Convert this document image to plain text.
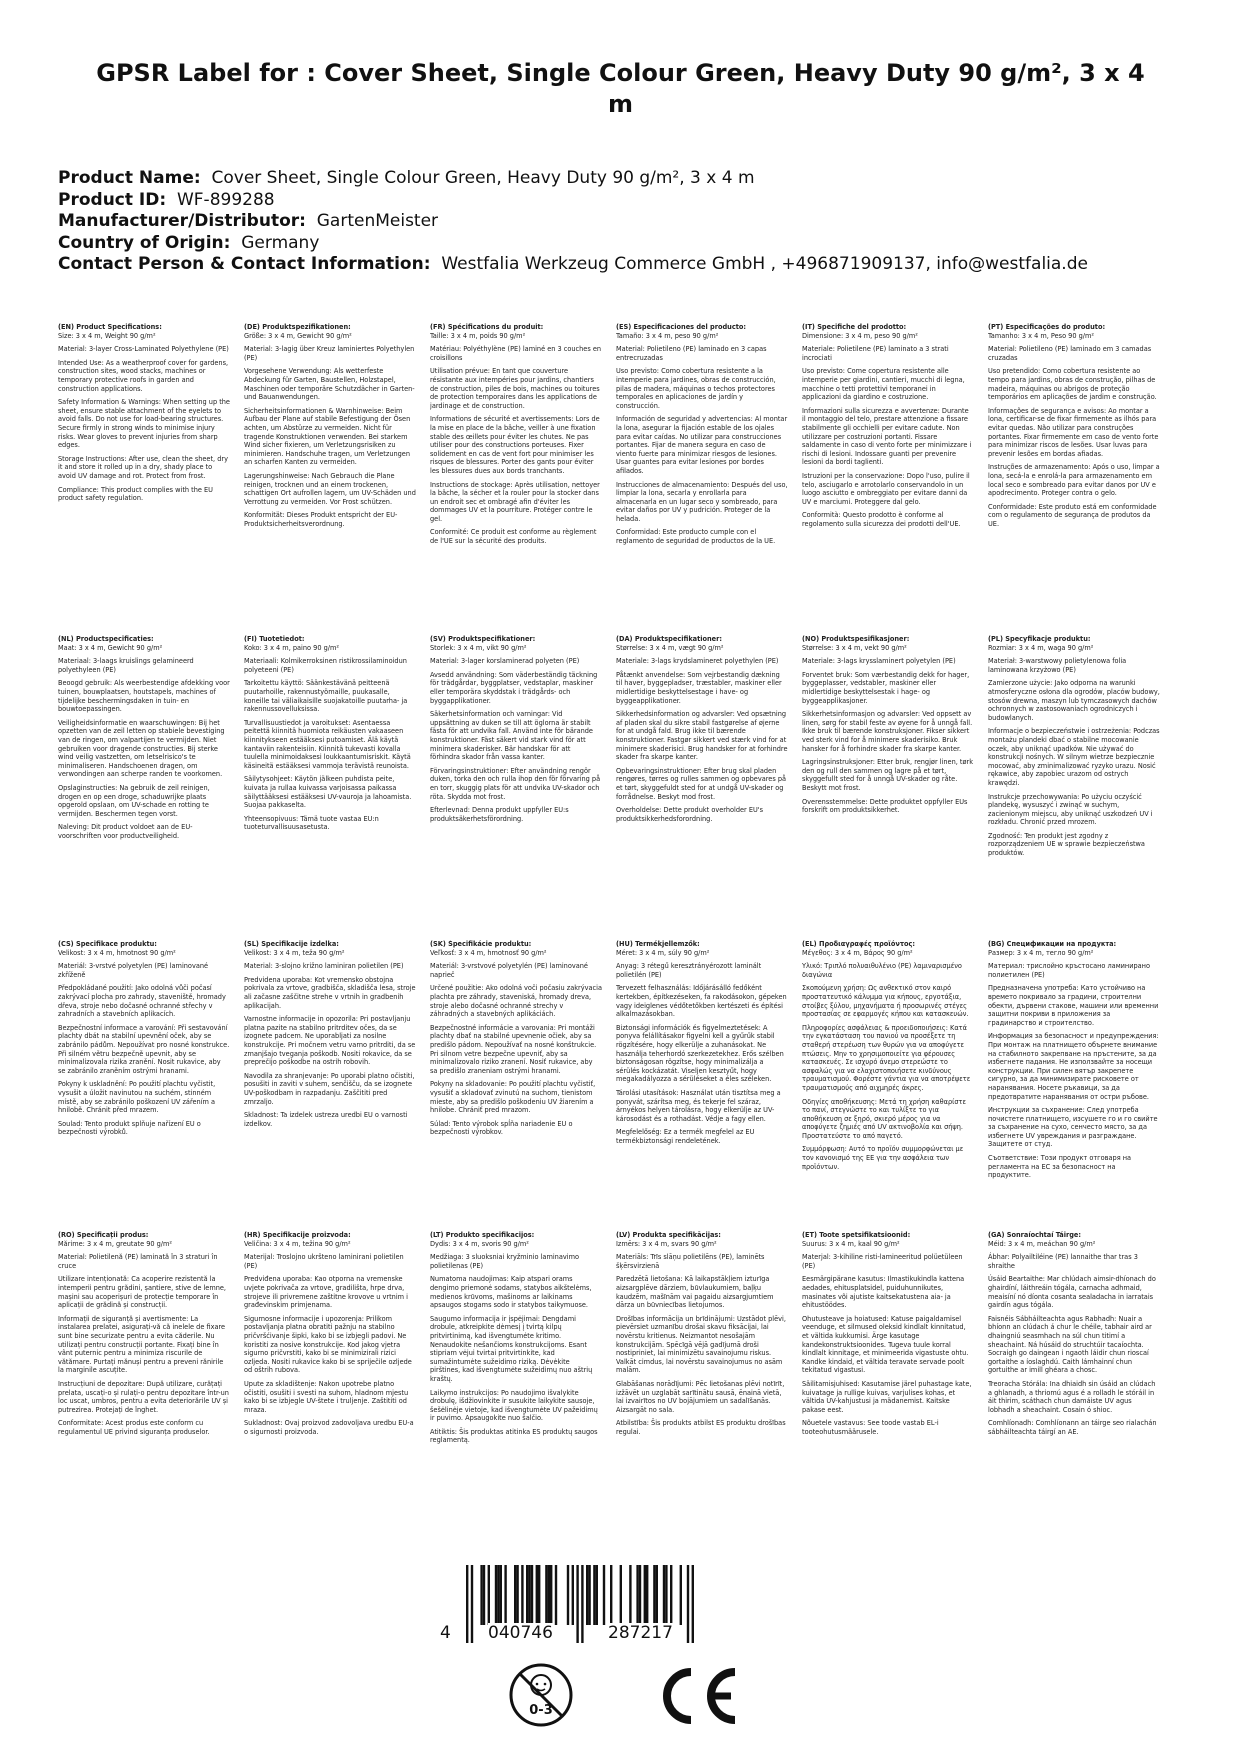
GPSR Label for : Cover Sheet, Single Colour Green, Heavy Duty 90 g/m², 3 x 4 m
Product Name: Cover Sheet, Single Colour Green, Heavy Duty 90 g/m², 3 x 4 m
Product ID: WF-899288
Manufacturer/Distributor: GartenMeister
Country of Origin: Germany
Contact Person & Contact Information: Westfalia Werkzeug Commerce GmbH , +496871909137, info@westfalia.de
(EN) Product Specifications:

Size: 3 x 4 m, Weight 90 g/m²

Material: 3-layer Cross-Laminated Polyethylene (PE)

Intended Use: As a weatherproof cover for gardens, construction sites, wood stacks, machines or temporary protective roofs in garden and construction applications.

Safety Information & Warnings: When setting up the sheet, ensure stable attachment of the eyelets to avoid falls. Do not use for load-bearing structures. Secure firmly in strong winds to minimise injury risks. Wear gloves to prevent injuries from sharp edges.

Storage Instructions: After use, clean the sheet, dry it and store it rolled up in a dry, shady place to avoid UV damage and rot. Protect from frost.

Compliance: This product complies with the EU product safety regulation.

(DE) Produktspezifikationen:

Größe: 3 x 4 m, Gewicht 90 g/m²

Material: 3-lagig über Kreuz laminiertes Polyethylen (PE)

Vorgesehene Verwendung: Als wetterfeste Abdeckung für Garten, Baustellen, Holzstapel, Maschinen oder temporäre Schutzdächer in Garten- und Bauanwendungen.

Sicherheitsinformationen & Warnhinweise: Beim Aufbau der Plane auf stabile Befestigung der Ösen achten, um Abstürze zu vermeiden. Nicht für tragende Konstruktionen verwenden. Bei starkem Wind sicher fixieren, um Verletzungsrisiken zu minimieren. Handschuhe tragen, um Verletzungen an scharfen Kanten zu vermeiden.

Lagerungshinweise: Nach Gebrauch die Plane reinigen, trocknen und an einem trockenen, schattigen Ort aufrollen lagern, um UV-Schäden und Verrottung zu vermeiden. Vor Frost schützen.

Konformität: Dieses Produkt entspricht der EU-Produktsicherheitsverordnung.

(FR) Spécifications du produit:

Taille: 3 x 4 m, poids 90 g/m²

Matériau: Polyéthylène (PE) laminé en 3 couches en croisillons

Utilisation prévue: En tant que couverture résistante aux intempéries pour jardins, chantiers de construction, piles de bois, machines ou toitures de protection temporaires dans les applications de jardinage et de construction.

Informations de sécurité et avertissements: Lors de la mise en place de la bâche, veiller à une fixation stable des œillets pour éviter les chutes. Ne pas utiliser pour des constructions porteuses. Fixer solidement en cas de vent fort pour minimiser les risques de blessures. Porter des gants pour éviter les blessures dues aux bords tranchants.

Instructions de stockage: Après utilisation, nettoyer la bâche, la sécher et la rouler pour la stocker dans un endroit sec et ombragé afin d'éviter les dommages UV et la pourriture. Protéger contre le gel.

Conformité: Ce produit est conforme au règlement de l'UE sur la sécurité des produits.

(ES) Especificaciones del producto:

Tamaño: 3 x 4 m, peso 90 g/m²

Material: Polietileno (PE) laminado en 3 capas entrecruzadas

Uso previsto: Como cobertura resistente a la intemperie para jardines, obras de construcción, pilas de madera, máquinas o techos protectores temporales en aplicaciones de jardín y construcción.

Información de seguridad y advertencias: Al montar la lona, asegurar la fijación estable de los ojales para evitar caídas. No utilizar para construcciones portantes. Fijar de manera segura en caso de viento fuerte para minimizar riesgos de lesiones. Usar guantes para evitar lesiones por bordes afilados.

Instrucciones de almacenamiento: Después del uso, limpiar la lona, secarla y enrollarla para almacenarla en un lugar seco y sombreado, para evitar daños por UV y pudrición. Proteger de la helada.

Conformidad: Este producto cumple con el reglamento de seguridad de productos de la UE.

(IT) Specifiche del prodotto:

Dimensione: 3 x 4 m, peso 90 g/m²

Materiale: Polietilene (PE) laminato a 3 strati incrociati

Uso previsto: Come copertura resistente alle intemperie per giardini, cantieri, mucchi di legna, macchine o tetti protettivi temporanei in applicazioni da giardino e costruzione.

Informazioni sulla sicurezza e avvertenze: Durante il montaggio del telo, prestare attenzione a fissare stabilmente gli occhielli per evitare cadute. Non utilizzare per costruzioni portanti. Fissare saldamente in caso di vento forte per minimizzare i rischi di lesioni. Indossare guanti per prevenire lesioni da bordi taglienti.

Istruzioni per la conservazione: Dopo l'uso, pulire il telo, asciugarlo e arrotolarlo conservandolo in un luogo asciutto e ombreggiato per evitare danni da UV e marciumi. Proteggere dal gelo.

Conformità: Questo prodotto è conforme al regolamento sulla sicurezza dei prodotti dell'UE.

(PT) Especificações do produto:

Tamanho: 3 x 4 m, Peso 90 g/m²

Material: Polietileno (PE) laminado em 3 camadas cruzadas

Uso pretendido: Como cobertura resistente ao tempo para jardins, obras de construção, pilhas de madeira, máquinas ou abrigos de proteção temporários em aplicações de jardim e construção.

Informações de segurança e avisos: Ao montar a lona, certificar-se de fixar firmemente as ilhós para evitar quedas. Não utilizar para construções portantes. Fixar firmemente em caso de vento forte para minimizar riscos de lesões. Usar luvas para prevenir lesões em bordas afiadas.

Instruções de armazenamento: Após o uso, limpar a lona, secá-la e enrolá-la para armazenamento em local seco e sombreado para evitar danos por UV e apodrecimento. Proteger contra o gelo.

Conformidade: Este produto está em conformidade com o regulamento de segurança de produtos da UE.

(NL) Productspecificaties:

Maat: 3 x 4 m, Gewicht 90 g/m²

Materiaal: 3-laags kruislings gelamineerd polyethyleen (PE)

Beoogd gebruik: Als weerbestendige afdekking voor tuinen, bouwplaatsen, houtstapels, machines of tijdelijke beschermingsdaken in tuin- en bouwtoepassingen.

Veiligheidsinformatie en waarschuwingen: Bij het opzetten van de zeil letten op stabiele bevestiging van de ringen, om valpartijen te vermijden. Niet gebruiken voor dragende constructies. Bij sterke wind veilig vastzetten, om letselrisico's te minimaliseren. Handschoenen dragen, om verwondingen aan scherpe randen te voorkomen.

Opslaginstructies: Na gebruik de zeil reinigen, drogen en op een droge, schaduwrijke plaats opgerold opslaan, om UV-schade en rotting te vermijden. Beschermen tegen vorst.

Naleving: Dit product voldoet aan de EU-voorschriften voor productveiligheid.

(FI) Tuotetiedot:

Koko: 3 x 4 m, paino 90 g/m²

Materiaali: Kolmikerroksinen ristikrossilaminoidun polyeteeni (PE)

Tarkoitettu käyttö: Säänkestävänä peitteenä puutarhoille, rakennustyömaille, puukasalle, koneille tai väliaikaisille suojakatoille puutarha- ja rakennussovelluksissa.

Turvallisuustiedot ja varoitukset: Asentaessa peitettä kiinnitä huomiota reikäusten vakaaseen kiinnitykseen estääksesi putoamiset. Älä käytä kantaviin rakenteisiin. Kiinnitä tukevasti kovalla tuulella minimoidaksesi loukkaantumisriskit. Käytä käsineitä estääksesi vammoja terävistä reunoista.

Säilytysohjeet: Käytön jälkeen puhdista peite, kuivata ja rullaa kuivassa varjoisassa paikassa säilyttääksesi estääksesi UV-vauroja ja lahoamista. Suojaa pakkaselta.

Yhteensopivuus: Tämä tuote vastaa EU:n tuoteturvallisuusasetusta.

(SV) Produktspecifikationer:

Storlek: 3 x 4 m, vikt 90 g/m²

Material: 3-lager korslaminerad polyeten (PE)

Avsedd användning: Som väderbeständig täckning för trädgårdar, byggplatser, vedstaplar, maskiner eller temporära skyddstak i trädgårds- och byggapplikationer.

Säkerhetsinformation och varningar: Vid uppsättning av duken se till att öglorna är stabilt fästa för att undvika fall. Använd inte för bärande konstruktioner. Fäst säkert vid stark vind för att minimera skaderisker. Bär handskar för att förhindra skador från vassa kanter.

Förvaringsinstruktioner: Efter användning rengör duken, torka den och rulla ihop den för förvaring på en torr, skuggig plats för att undvika UV-skador och röta. Skydda mot frost.

Efterlevnad: Denna produkt uppfyller EU:s produktsäkerhetsförordning.

(DA) Produktspecifikationer:

Størrelse: 3 x 4 m, vægt 90 g/m²

Materiale: 3-lags krydslamineret polyethylen (PE)

Påtænkt anvendelse: Som vejrbestandig dækning til haver, byggepladser, træstabler, maskiner eller midlertidige beskyttelsestage i have- og byggeapplikationer.

Sikkerhedsinformation og advarsler: Ved opsætning af pladen skal du sikre stabil fastgørelse af øjerne for at undgå fald. Brug ikke til bærende konstruktioner. Fastgør sikkert ved stærk vind for at minimere skaderisici. Brug handsker for at forhindre skader fra skarpe kanter.

Opbevaringsinstruktioner: Efter brug skal pladen rengøres, tørres og rulles sammen og opbevares på et tørt, skyggefuldt sted for at undgå UV-skader og forrådnelse. Beskyt mod frost.

Overholdelse: Dette produkt overholder EU's produktsikkerhedsforordning.

(NO) Produktspesifikasjoner:

Størrelse: 3 x 4 m, vekt 90 g/m²

Materiale: 3-lags krysslaminert polyetylen (PE)

Forventet bruk: Som værbestandig dekk for hager, byggeplasser, vedstabler, maskiner eller midlertidige beskyttelsestak i hage- og byggeapplikasjoner.

Sikkerhetsinformasjon og advarsler: Ved oppsett av linen, sørg for stabil feste av øyene for å unngå fall. Ikke bruk til bærende konstruksjoner. Fikser sikkert ved sterk vind for å minimere skaderisiko. Bruk hansker for å forhindre skader fra skarpe kanter.

Lagringsinstruksjoner: Etter bruk, rengjør linen, tørk den og rull den sammen og lagre på et tørt, skyggefullt sted for å unngå UV-skader og råte. Beskytt mot frost.

Overensstemmelse: Dette produktet oppfyller EUs forskrift om produktsikkerhet.

(PL) Specyfikacje produktu:

Rozmiar: 3 x 4 m, waga 90 g/m²

Materiał: 3-warstwowy polietylenowa folia laminowana krzyżowo (PE)

Zamierzone użycie: Jako odporna na warunki atmosferyczne osłona dla ogrodów, placów budowy, stosów drewna, maszyn lub tymczasowych dachów ochronnych w zastosowaniach ogrodniczych i budowlanych.

Informacje o bezpieczeństwie i ostrzeżenia: Podczas montażu plandeki dbać o stabilne mocowanie oczek, aby uniknąć upadków. Nie używać do konstrukcji nośnych. W silnym wietrze bezpiecznie mocować, aby zminimalizować ryzyko urazu. Nosić rękawice, aby zapobiec urazom od ostrych krawędzi.

Instrukcje przechowywania: Po użyciu oczyścić plandekę, wysuszyć i zwinąć w suchym, zacienionym miejscu, aby uniknąć uszkodzeń UV i rozkładu. Chronić przed mrozem.

Zgodność: Ten produkt jest zgodny z rozporządzeniem UE w sprawie bezpieczeństwa produktów.

(CS) Specifikace produktu:

Velikost: 3 x 4 m, hmotnost 90 g/m²

Materiál: 3-vrstvé polyetylen (PE) laminované zkříženě

Předpokládané použití: Jako odolná vůči počasí zakrývací plocha pro zahrady, staveniště, hromady dřeva, stroje nebo dočasné ochranné střechy v zahradních a stavebních aplikacích.

Bezpečnostní informace a varování: Při sestavování plachty dbát na stabilní upevnění oček, aby se zabránilo pádům. Nepoužívat pro nosné konstrukce. Při silném větru bezpečně upevnit, aby se minimalizovala rizika zranění. Nosit rukavice, aby se zabránilo zraněním ostrými hranami.

Pokyny k uskladnění: Po použití plachtu vyčistit, vysušit a úložit navinutou na suchém, stinném místě, aby se zabránilo poškození UV zářením a hnilobě. Chránit před mrazem.

Soulad: Tento produkt splňuje nařízení EU o bezpečnosti výrobků.

(SL) Specifikacije izdelka:

Velikost: 3 x 4 m, teža 90 g/m²

Material: 3-slojno križno laminiran polietilen (PE)

Predvidena uporaba: Kot vremensko obstojna pokrivala za vrtove, gradbišča, skladišča lesa, stroje ali začasne zaščitne strehe v vrtnih in gradbenih aplikacijah.

Varnostne informacije in opozorila: Pri postavljanju platna pazite na stabilno pritrditev očes, da se izognete padcem. Ne uporabljati za nosilne konstrukcije. Pri močnem vetru varno pritrditi, da se zmanjšajo tveganja poškodb. Nositi rokavice, da se preprečijo poškodbe na ostrih robovih.

Navodila za shranjevanje: Po uporabi platno očistiti, posušiti in zaviti v suhem, senčišču, da se izognete UV-poškodbam in razpadanju. Zaščititi pred zmrzaljo.

Skladnost: Ta izdelek ustreza uredbi EU o varnosti izdelkov.

(SK) Špecifikácie produktu:

Veľkosť: 3 x 4 m, hmotnosť 90 g/m²

Materiál: 3-vrstvové polyetylén (PE) laminované naprieč

Určené použitie: Ako odolná voči počasiu zakrývacia plachta pre záhrady, staveniská, hromady dreva, stroje alebo dočasné ochranné strechy v záhradných a stavebných aplikáciách.

Bezpečnostné informácie a varovania: Pri montáži plachty dbať na stabilné upevnenie očiek, aby sa predišlo pádom. Nepoužívať na nosné konštrukcie. Pri silnom vetre bezpečne upevniť, aby sa minimalizovalo riziko zranení. Nosiť rukavice, aby sa predišlo zraneniam ostrými hranami.

Pokyny na skladovanie: Po použití plachtu vyčistiť, vysušiť a skladovať zvinutú na suchom, tienistom mieste, aby sa predišlo poškodeniu UV žiarením a hnilobe. Chrániť pred mrazom.

Súlad: Tento výrobok spĺňa nariadenie EU o bezpečnosti výrobkov.

(HU) Termékjellemzők:

Méret: 3 x 4 m, súly 90 g/m²

Anyag: 3 rétegű keresztrányérozott laminált polietilén (PE)

Tervezett felhasználás: Időjárásálló fedőként kertekben, építkezéseken, fa rakodásokon, gépeken vagy ideiglenes védőtetőkben kertészeti és építési alkalmazásokban.

Biztonsági információk és figyelmeztetések: A ponyva felállításakor figyelni kell a gyűrűk stabil rögzítésére, hogy elkerülje a zuhanásokat. Ne használja teherhordó szerkezetekhez. Erős szélben biztonságosan rögzítse, hogy minimalizálja a sérülés kockázatát. Viseljen kesztyűt, hogy megakadályozza a sérüléseket a éles széleken.

Tárolási utasítások: Használat után tisztítsa meg a ponyvát, szárítsa meg, és tekerje fel száraz, árnyékos helyen tárolásra, hogy elkerülje az UV-károsodást és a rothadást. Védje a fagy ellen.

Megfelelőség: Ez a termék megfelel az EU termékbiztonsági rendeletének.

(EL) Προδιαγραφές προϊόντος:

Μέγεθος: 3 x 4 m, Βάρος 90 g/m²

Υλικό: Τριπλό πολυαιθυλένιο (PE) λαμιναρισμένο διαγώνια

Σκοπούμενη χρήση: Ως ανθεκτικό στον καιρό προστατευτικό κάλυμμα για κήπους, εργοτάξια, στοίβες ξύλου, μηχανήματα ή προσωρινές στέγες προστασίας σε εφαρμογές κήπου και κατασκευών.

Πληροφορίες ασφάλειας & προειδοποιήσεις: Κατά την εγκατάσταση του πανιού να προσέξετε τη σταθερή στερέωση των θυρών για να αποφύγετε πτώσεις. Μην το χρησιμοποιείτε για φέρουσες κατασκευές. Σε ισχυρό άνεμο στερεώστε το ασφαλώς για να ελαχιστοποιήσετε κινδύνους τραυματισμού. Φορέστε γάντια για να αποτρέψετε τραυματισμούς από αιχμηρές άκρες.

Οδηγίες αποθήκευσης: Μετά τη χρήση καθαρίστε το πανί, στεγνώστε το και τυλίξτε το για αποθήκευση σε ξηρό, σκιερό μέρος για να αποφύγετε ζημιές από UV ακτινοβολία και σήψη. Προστατεύστε το από παγετό.

Συμμόρφωση: Αυτό το προϊόν συμμορφώνεται με τον κανονισμό της ΕΕ για την ασφάλεια των προϊόντων.

(BG) Спецификации на продукта:

Размер: 3 x 4 m, тегло 90 g/m²

Материал: трислойно кръстосано ламинирано полиетилен (PE)

Предназначена употреба: Като устойчиво на времето покривало за градини, строителни обекти, дървени стакове, машини или временни защитни покриви в приложения за градинарство и строителство.

Информация за безопасност и предупреждения: При монтаж на платнището обърнете внимание на стабилното закрепване на пръстените, за да избегнете падания. Не използвайте за носещи конструкции. При силен вятър закрепете сигурно, за да минимизирате рисковете от наранявания. Носете ръкавици, за да предотвратите наранявания от остри ръбове.

Инструкции за съхранение: След употреба почистете платнището, изсушете го и го свийте за съхранение на сухо, сенчесто място, за да избегнете UV увреждания и разграждане. Защитете от студ.

Съответствие: Този продукт отговаря на регламента на ЕС за безопасност на продуктите.

(RO) Specificații produs:

Mărime: 3 x 4 m, greutate 90 g/m²

Material: Polietilenă (PE) laminată în 3 straturi în cruce

Utilizare intenționată: Ca acoperire rezistentă la intemperii pentru grădini, șantiere, stive de lemne, mașini sau acoperișuri de protecție temporare în aplicații de grădină și construcții.

Informații de siguranță și avertismente: La instalarea prelatei, asigurați-vă că inelele de fixare sunt bine securizate pentru a evita căderile. Nu utilizați pentru construcții portante. Fixați bine în vânt puternic pentru a minimiza riscurile de vătămare. Purtați mănuși pentru a preveni rănirile la marginile ascuțite.

Instrucțiuni de depozitare: După utilizare, curățați prelata, uscați-o și rulați-o pentru depozitare într-un loc uscat, umbros, pentru a evita deteriorările UV și putrezirea. Protejați de înghet.

Conformitate: Acest produs este conform cu regulamentul UE privind siguranța produselor.

(HR) Specifikacije proizvoda:

Veličina: 3 x 4 m, težina 90 g/m²

Materijal: Troslojno ukršteno laminirani polietilen (PE)

Predviđena uporaba: Kao otporna na vremenske uvjete pokrivača za vrtove, gradilišta, hrpe drva, strojeve ili privremene zaštitne krovove u vrtnim i građevinskim primjenama.

Sigurnosne informacije i upozorenja: Prilikom postavljanja platna obratiti pažnju na stabilno pričvršćivanje šipki, kako bi se izbjegli padovi. Ne koristiti za nosive konstrukcije. Kod jakog vjetra sigurno pričvrstiti, kako bi se minimizirali rizici ozljeda. Nositi rukavice kako bi se spriječile ozljede od oštrih rubova.

Upute za skladištenje: Nakon upotrebe platno očistiti, osušiti i svesti na suhom, hladnom mjestu kako bi se izbjegle UV-štete i truljenje. Zaštititi od mraza.

Sukladnost: Ovaj proizvod zadovoljava uredbu EU-a o sigurnosti proizvoda.

(LT) Produkto specifikacijos:

Dydis: 3 x 4 m, svoris 90 g/m²

Medžiaga: 3 sluoksniai kryžminio laminavimo polietilenas (PE)

Numatoma naudojimas: Kaip atspari orams dengimo priemonė sodams, statybos aikštelėms, medienos krūvoms, mašinoms ar laikinams apsaugos stogams sodo ir statybos taikymuose.

Saugumo informacija ir įspėjimai: Dengdami drobule, atkreipkite dėmesį į tvirtą kilpų pritvirtinimą, kad išvengtumėte kritimo. Nenaudokite nešančioms konstrukcijoms. Esant stipriam vėjui tvirtai pritvirtinkite, kad sumažintumėte sužeidimo riziką. Dėvėkite pirštines, kad išvengtumėte sužeidimų nuo aštrių kraštų.

Laikymo instrukcijos: Po naudojimo išvalykite drobulę, išdžiovinkite ir susukite laikykite sausoje, šešėlinėje vietoje, kad išvengtumėte UV pažeidimų ir puvimo. Apsaugokite nuo šalčio.

Atitiktis: Šis produktas atitinka ES produktų saugos reglamentą.

(LV) Produkta specifikācijas:

Izmērs: 3 x 4 m, svars 90 g/m²

Materiāls: Trīs slāņu polietilēns (PE), laminēts šķērsvirzienā

Paredzētā lietošana: Kā laikapstākļiem izturīga aizsargplēve dārziem, būvlaukumiem, baļķu kaudzēm, mašīnām vai pagaidu aizsargjumtiem dārza un būvniecības lietojumos.

Drošības informācija un brīdinājumi: Uzstādot plēvi, pievērsiet uzmanību drošai skavu fiksācijai, lai novērstu kritienus. Neizmantot nesošajām konstrukcijām. Spēcīgā vējā gadījumā droši nostipriniet, lai minimizētu savainojumu riskus. Valkāt cimdus, lai novērstu savainojumus no asām malām.

Glabāšanas norādījumi: Pēc lietošanas plēvi notīrīt, izžāvēt un uzglabāt sarītinātu sausā, ēnainā vietā, lai izvairītos no UV bojājumiem un sadalīšanās. Aizsargāt no sala.

Atbilstība: Šis produkts atbilst ES produktu drošības regulai.

(ET) Toote spetsifikatsioonid:

Suurus: 3 x 4 m, kaal 90 g/m²

Materjal: 3-kihiline risti-lamineeritud polüetüleen (PE)

Eesmärgipärane kasutus: Ilmastikukindla kattena aedades, ehitusplatsidel, puiduhunnikutes, masinates või ajutiste kaitsekatustena aia- ja ehitustöödes.

Ohutusteave ja hoiatused: Katuse paigaldamisel veenduge, et silmused oleksid kindlalt kinnitatud, et vältida kukkumisi. Ärge kasutage kandekonstruktsioonides. Tugeva tuule korral kindlalt kinnitage, et minimeerida vigastuste ohtu. Kandke kindaid, et vältida teravate servade poolt tekitatud vigastusi.

Säilitamisjuhised: Kasutamise järel puhastage kate, kuivatage ja rullige kuivas, varjulises kohas, et vältida UV-kahjustusi ja mädanemist. Kaitske pakase eest.

Nõuetele vastavus: See toode vastab EL-i tooteohutusmäärusele.

(GA) Sonraíochtaí Táirge:

Méid: 3 x 4 m, meáchan 90 g/m²

Ábhar: Polyailtiléine (PE) lannaithe thar tras 3 shraithe

Úsáid Beartaithe: Mar chlúdach aimsir-dhíonach do ghairdíní, láithreáin tógála, carnacha adhmaid, meaisíní nó díonta cosanta sealadacha in iarratais gairdín agus tógála.

Faisnéis Sábháilteachta agus Rabhadh: Nuair a bhíonn an clúdach á chur le chéile, tabhair aird ar dhaingniú seasmhach na súl chun titimí a sheachaint. Ná húsáid do struchtúir tacaíochta. Socraigh go daingean i ngaoth láidir chun rioscaí gortaithe a íoslaghdú. Caith lámhainní chun gortuithe ar imill ghéara a chosc.

Treoracha Stórála: Ina dhiaidh sin úsáid an clúdach a ghlanadh, a thriomú agus é a rolladh le stóráil in áit thirim, scáthach chun damáiste UV agus lobhadh a sheachaint. Cosain ó shioc.

Comhlíonadh: Comhlíonann an táirge seo rialachán sábháilteachta táirgí an AE.

4 040746	287217
0-3
